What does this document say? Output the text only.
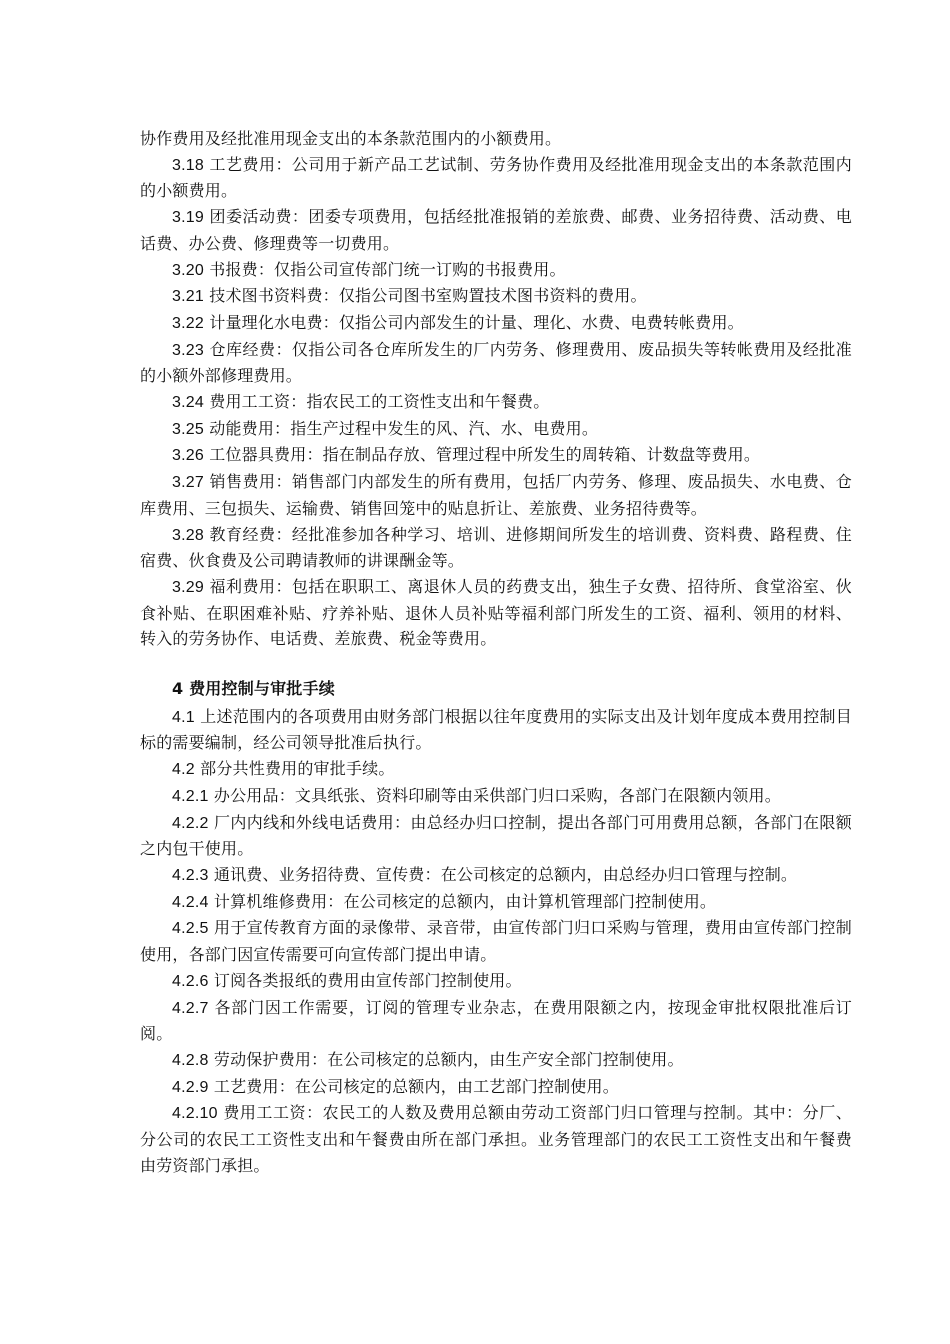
协作费用及经批准用现金支出的本条款范围内的小额费用。

3.18 工艺费用：公司用于新产品工艺试制、劳务协作费用及经批准用现金支出的本条款范围内的小额费用。

3.19 团委活动费：团委专项费用，包括经批准报销的差旅费、邮费、业务招待费、活动费、电话费、办公费、修理费等一切费用。

3.20 书报费：仅指公司宣传部门统一订购的书报费用。

3.21 技术图书资料费：仅指公司图书室购置技术图书资料的费用。

3.22 计量理化水电费：仅指公司内部发生的计量、理化、水费、电费转帐费用。

3.23 仓库经费：仅指公司各仓库所发生的厂内劳务、修理费用、废品损失等转帐费用及经批准的小额外部修理费用。

3.24 费用工工资：指农民工的工资性支出和午餐费。

3.25 动能费用：指生产过程中发生的风、汽、水、电费用。

3.26 工位器具费用：指在制品存放、管理过程中所发生的周转箱、计数盘等费用。

3.27 销售费用：销售部门内部发生的所有费用，包括厂内劳务、修理、废品损失、水电费、仓库费用、三包损失、运输费、销售回笼中的贴息折让、差旅费、业务招待费等。

3.28 教育经费：经批准参加各种学习、培训、进修期间所发生的培训费、资料费、路程费、住宿费、伙食费及公司聘请教师的讲课酬金等。

3.29 福利费用：包括在职职工、离退休人员的药费支出，独生子女费、招待所、食堂浴室、伙食补贴、在职困难补贴、疗养补贴、退休人员补贴等福利部门所发生的工资、福利、领用的材料、转入的劳务协作、电话费、差旅费、税金等费用。

4 费用控制与审批手续

4.1 上述范围内的各项费用由财务部门根据以往年度费用的实际支出及计划年度成本费用控制目标的需要编制，经公司领导批准后执行。

4.2 部分共性费用的审批手续。

4.2.1 办公用品：文具纸张、资料印刷等由采供部门归口采购，各部门在限额内领用。

4.2.2 厂内内线和外线电话费用：由总经办归口控制，提出各部门可用费用总额，各部门在限额之内包干使用。

4.2.3 通讯费、业务招待费、宣传费：在公司核定的总额内，由总经办归口管理与控制。

4.2.4 计算机维修费用：在公司核定的总额内，由计算机管理部门控制使用。

4.2.5 用于宣传教育方面的录像带、录音带，由宣传部门归口采购与管理，费用由宣传部门控制使用，各部门因宣传需要可向宣传部门提出申请。

4.2.6 订阅各类报纸的费用由宣传部门控制使用。

4.2.7 各部门因工作需要，订阅的管理专业杂志，在费用限额之内，按现金审批权限批准后订阅。

4.2.8 劳动保护费用：在公司核定的总额内，由生产安全部门控制使用。

4.2.9 工艺费用：在公司核定的总额内，由工艺部门控制使用。

4.2.10 费用工工资：农民工的人数及费用总额由劳动工资部门归口管理与控制。其中：分厂、分公司的农民工工资性支出和午餐费由所在部门承担。业务管理部门的农民工工资性支出和午餐费由劳资部门承担。
